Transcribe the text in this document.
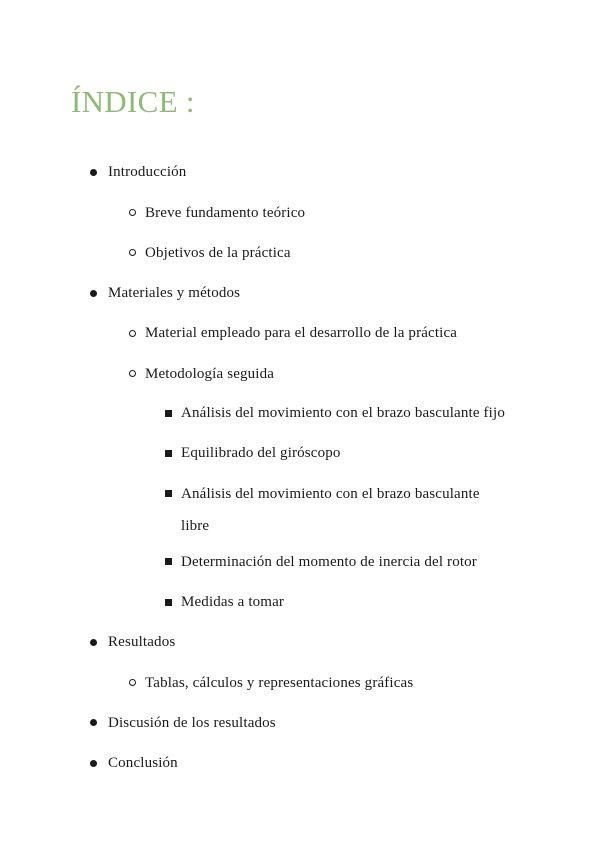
ÍNDICE :
Introducción
Breve fundamento teórico
Objetivos de la práctica
Materiales y métodos
Material empleado para el desarrollo de la práctica
Metodología seguida
Análisis del movimiento con el brazo basculante fijo
Equilibrado del giróscopo
Análisis del movimiento con el brazo basculante
libre
Determinación del momento de inercia del rotor
Medidas a tomar
Resultados
Tablas, cálculos y representaciones gráficas
Discusión de los resultados
Conclusión
